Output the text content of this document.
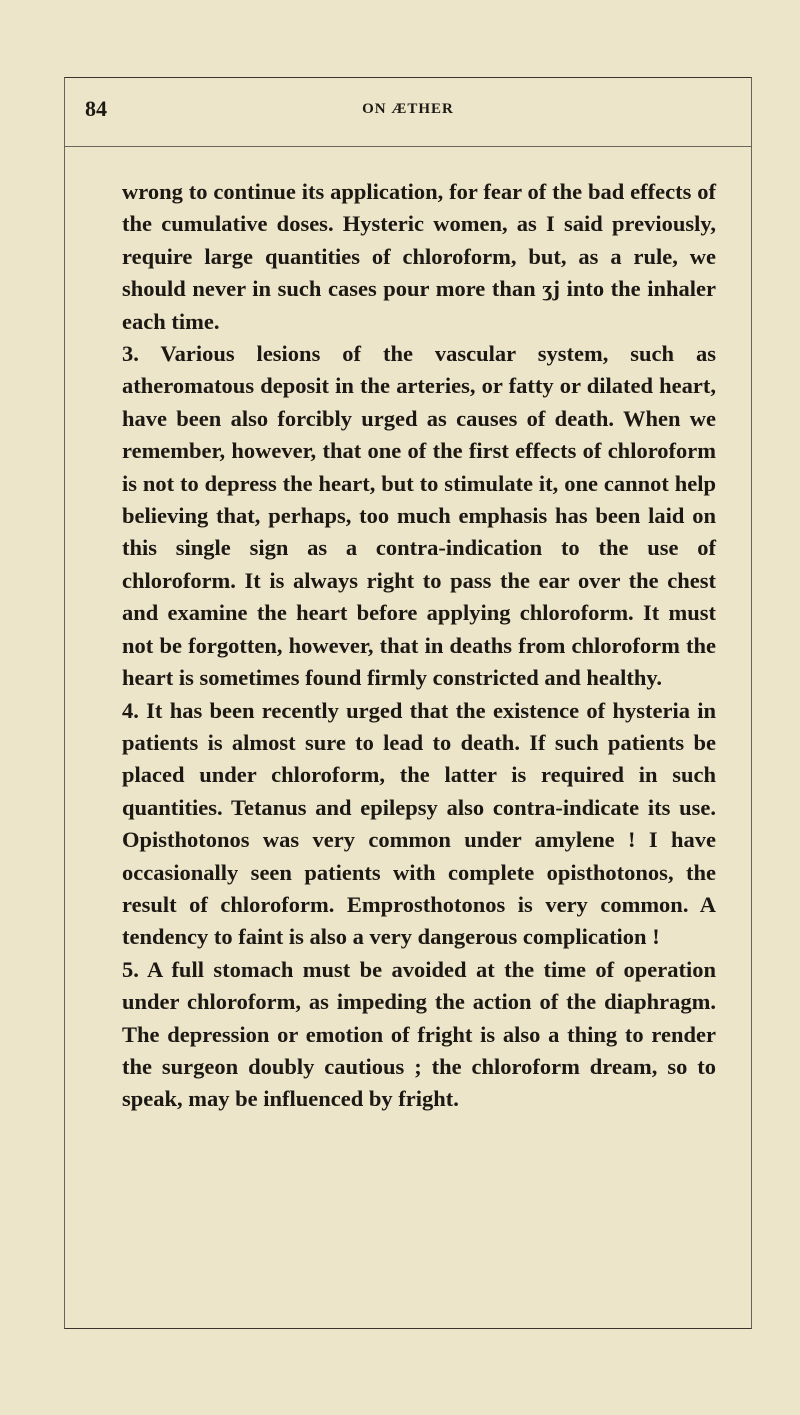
84	ON ÆTHER

wrong to continue its application, for fear of the bad effects of the cumulative doses. Hysteric women, as I said previously, require large quantities of chloroform, but, as a rule, we should never in such cases pour more than ʒj into the inhaler each time.

3. Various lesions of the vascular system, such as atheromatous deposit in the arteries, or fatty or dilated heart, have been also forcibly urged as causes of death. When we remember, however, that one of the first effects of chloroform is not to depress the heart, but to stimulate it, one cannot help believing that, perhaps, too much emphasis has been laid on this single sign as a contra-indication to the use of chloroform. It is always right to pass the ear over the chest and examine the heart before applying chloroform. It must not be forgotten, however, that in deaths from chloroform the heart is sometimes found firmly constricted and healthy.

4. It has been recently urged that the existence of hysteria in patients is almost sure to lead to death. If such patients be placed under chloroform, the latter is required in such quantities. Tetanus and epilepsy also contra-indicate its use. Opisthotonos was very common under amylene ! I have occasionally seen patients with complete opisthotonos, the result of chloroform. Emprosthotonos is very common. A tendency to faint is also a very dangerous complication !

5. A full stomach must be avoided at the time of operation under chloroform, as impeding the action of the diaphragm. The depression or emotion of fright is also a thing to render the surgeon doubly cautious ; the chloroform dream, so to speak, may be influenced by fright.
